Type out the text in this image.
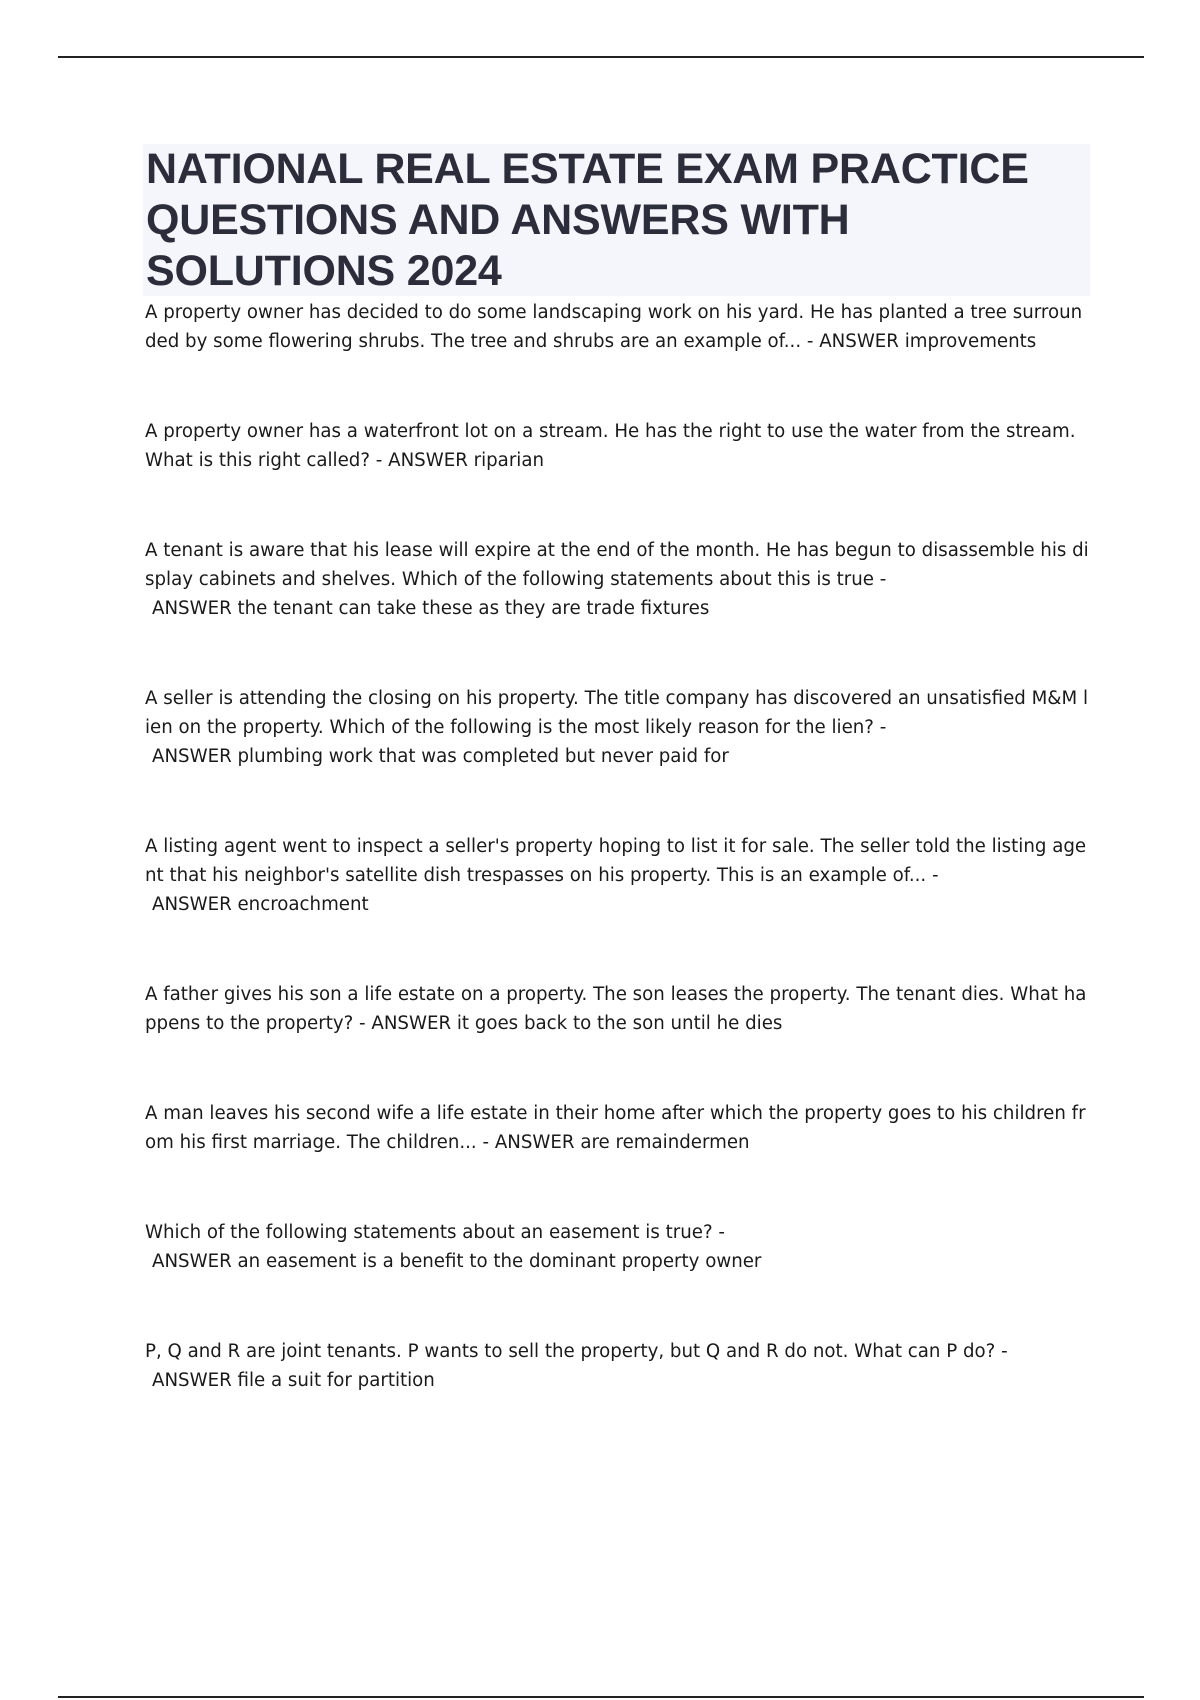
NATIONAL REAL ESTATE EXAM PRACTICE QUESTIONS AND ANSWERS WITH SOLUTIONS 2024
A property owner has decided to do some landscaping work on his yard. He has planted a tree surrounded by some flowering shrubs. The tree and shrubs are an example of... - ANSWER improvements
A property owner has a waterfront lot on a stream. He has the right to use the water from the stream. What is this right called? - ANSWER riparian
A tenant is aware that his lease will expire at the end of the month. He has begun to disassemble his display cabinets and shelves. Which of the following statements about this is true -
ANSWER the tenant can take these as they are trade fixtures
A seller is attending the closing on his property. The title company has discovered an unsatisfied M&M lien on the property. Which of the following is the most likely reason for the lien? -
ANSWER plumbing work that was completed but never paid for
A listing agent went to inspect a seller's property hoping to list it for sale. The seller told the listing agent that his neighbor's satellite dish trespasses on his property. This is an example of... -
ANSWER encroachment
A father gives his son a life estate on a property. The son leases the property. The tenant dies. What happens to the property? - ANSWER it goes back to the son until he dies
A man leaves his second wife a life estate in their home after which the property goes to his children from his first marriage. The children... - ANSWER are remaindermen
Which of the following statements about an easement is true? -
ANSWER an easement is a benefit to the dominant property owner
P, Q and R are joint tenants. P wants to sell the property, but Q and R do not. What can P do? -
ANSWER file a suit for partition
